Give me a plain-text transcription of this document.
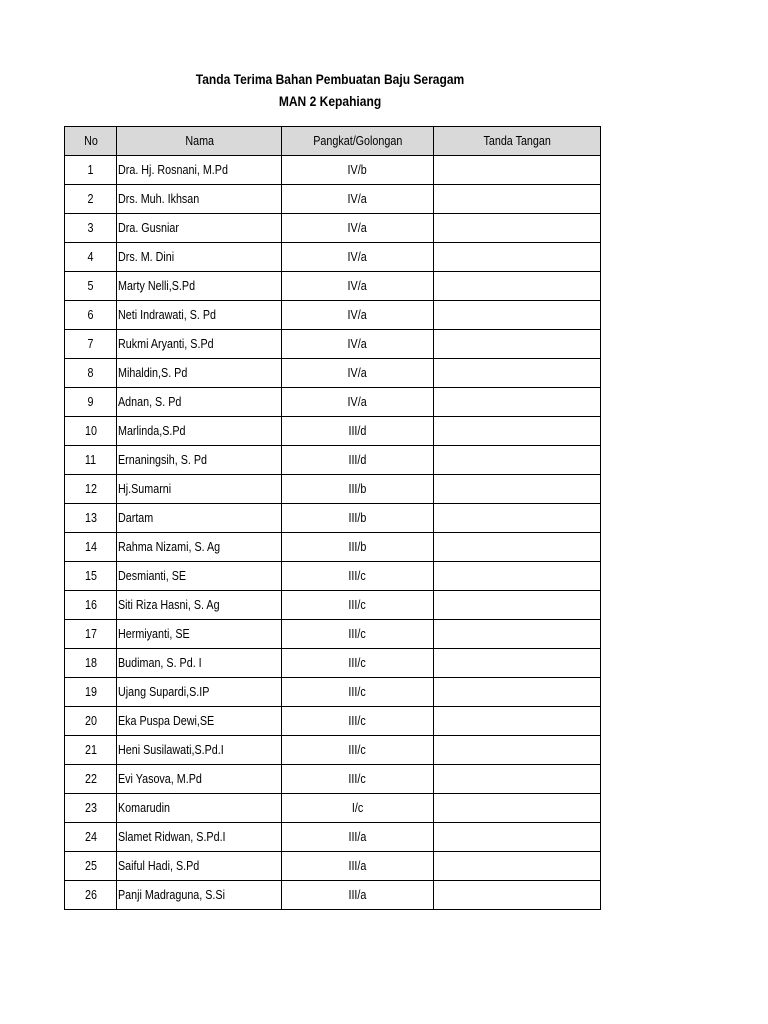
Tanda Terima Bahan Pembuatan Baju Seragam
MAN 2 Kepahiang
No	Nama	Pangkat/Golongan	Tanda Tangan
1	Dra. Hj. Rosnani, M.Pd	IV/b	
2	Drs. Muh. Ikhsan	IV/a	
3	Dra. Gusniar	IV/a	
4	Drs. M. Dini	IV/a	
5	Marty Nelli,S.Pd	IV/a	
6	Neti Indrawati, S. Pd	IV/a	
7	Rukmi Aryanti, S.Pd	IV/a	
8	Mihaldin,S. Pd	IV/a	
9	Adnan, S. Pd	IV/a	
10	Marlinda,S.Pd	III/d	
11	Ernaningsih, S. Pd	III/d	
12	Hj.Sumarni	III/b	
13	Dartam	III/b	
14	Rahma Nizami, S. Ag	III/b	
15	Desmianti, SE	III/c	
16	Siti Riza Hasni, S. Ag	III/c	
17	Hermiyanti, SE	III/c	
18	Budiman, S. Pd. I	III/c	
19	Ujang Supardi,S.IP	III/c	
20	Eka Puspa Dewi,SE	III/c	
21	Heni Susilawati,S.Pd.I	III/c	
22	Evi Yasova, M.Pd	III/c	
23	Komarudin	I/c	
24	Slamet Ridwan, S.Pd.I	III/a	
25	Saiful Hadi, S.Pd	III/a	
26	Panji Madraguna, S.Si	III/a	
